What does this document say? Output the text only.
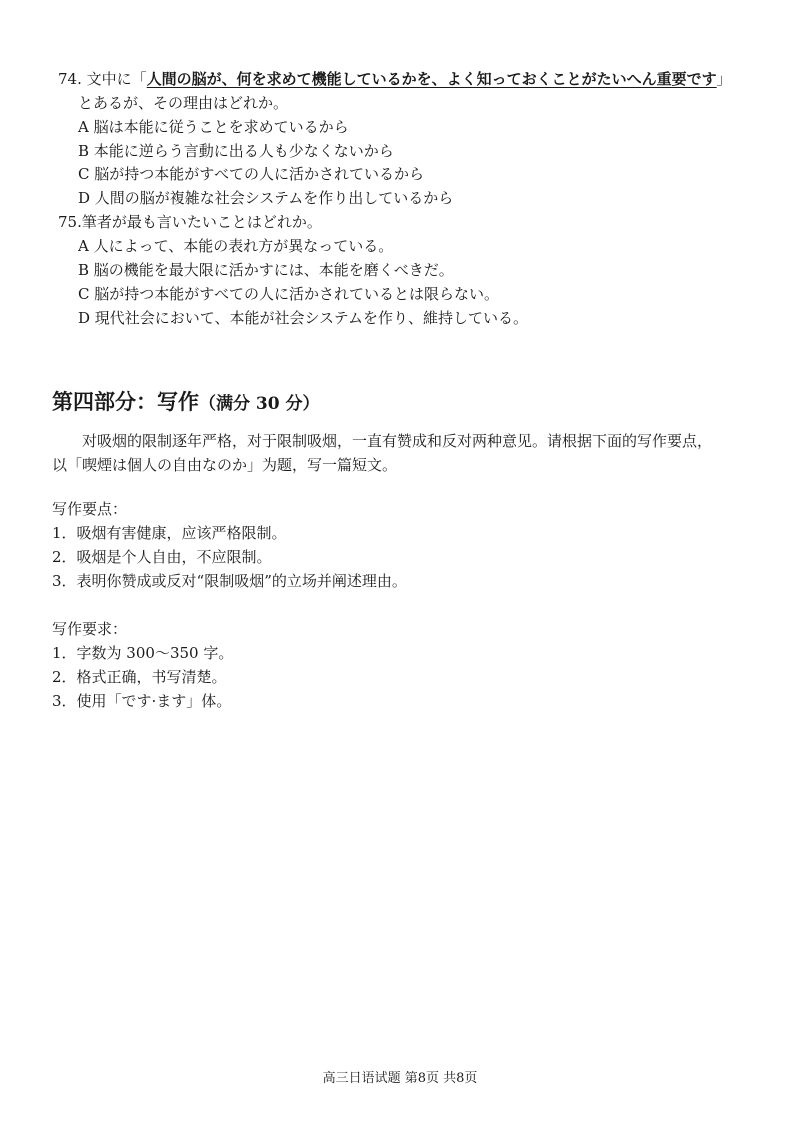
74. 文中に「人間の脳が、何を求めて機能しているかを、よく知っておくことがたいへん重要です」
とあるが、その理由はどれか。
A 脳は本能に従うことを求めているから
B 本能に逆らう言動に出る人も少なくないから
C 脳が持つ本能がすべての人に活かされているから
D 人間の脳が複雑な社会システムを作り出しているから
75.筆者が最も言いたいことはどれか。
A 人によって、本能の表れ方が異なっている。
B 脳の機能を最大限に活かすには、本能を磨くべきだ。
C 脳が持つ本能がすべての人に活かされているとは限らない。
D 現代社会において、本能が社会システムを作り、維持している。
第四部分：写作（满分 30 分）
对吸烟的限制逐年严格，对于限制吸烟，一直有赞成和反对两种意见。请根据下面的写作要点，
以「喫煙は個人の自由なのか」为题，写一篇短文。
写作要点：
1．吸烟有害健康，应该严格限制。
2．吸烟是个人自由，不应限制。
3．表明你赞成或反对“限制吸烟”的立场并阐述理由。
写作要求：
1．字数为 300～350 字。
2．格式正确，书写清楚。
3．使用「です·ます」体。
高三日语试题 第8页 共8页
